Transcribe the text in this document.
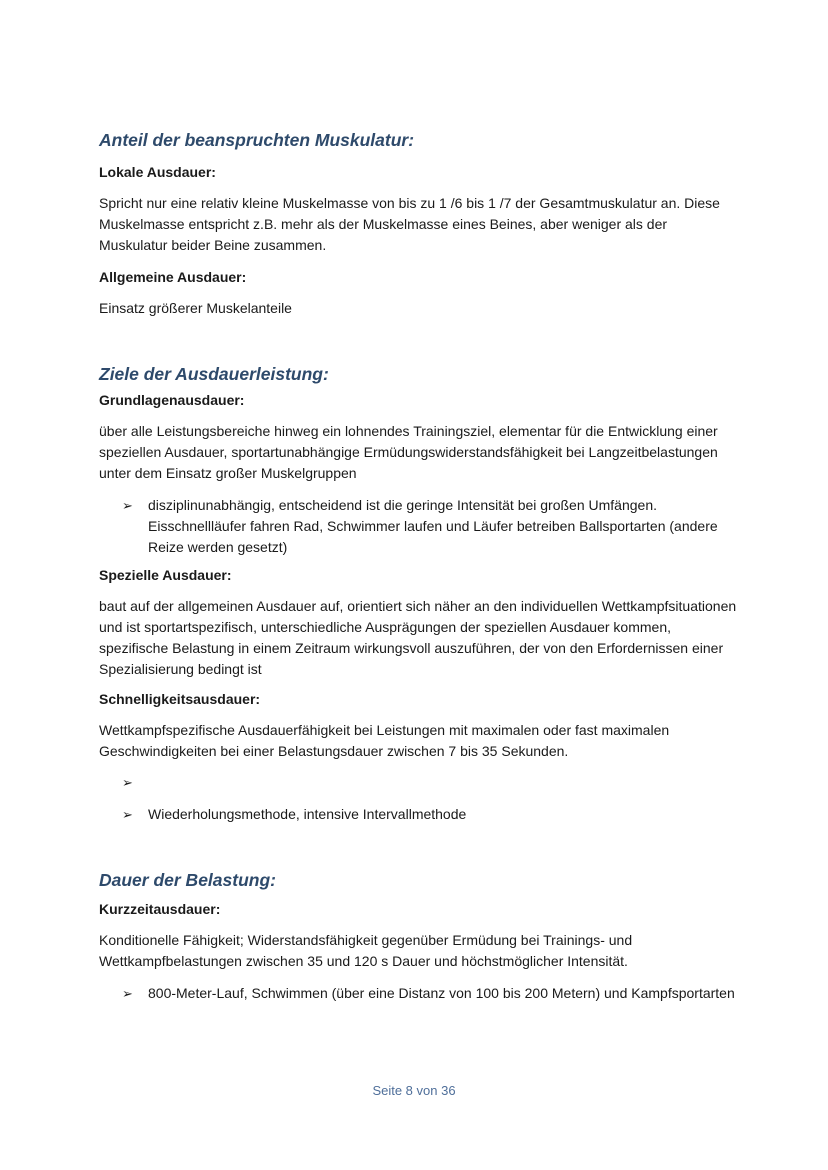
Anteil der beanspruchten Muskulatur:
Lokale Ausdauer:

Spricht nur eine relativ kleine Muskelmasse von bis zu 1 /6 bis 1 /7 der Gesamtmuskulatur an. Diese Muskelmasse entspricht z.B. mehr als der Muskelmasse eines Beines, aber weniger als der Muskulatur beider Beine zusammen.

Allgemeine Ausdauer:

Einsatz größerer Muskelanteile

Ziele der Ausdauerleistung:
Grundlagenausdauer:

über alle Leistungsbereiche hinweg ein lohnendes Trainingsziel, elementar für die Entwicklung einer speziellen Ausdauer, sportartunabhängige Ermüdungswiderstandsfähigkeit bei Langzeitbelastungen unter dem Einsatz großer Muskelgruppen

➢ disziplinunabhängig, entscheidend ist die geringe Intensität bei großen Umfängen. Eisschnellläufer fahren Rad, Schwimmer laufen und Läufer betreiben Ballsportarten (andere Reize werden gesetzt)
Spezielle Ausdauer:

baut auf der allgemeinen Ausdauer auf, orientiert sich näher an den individuellen Wettkampfsituationen und ist sportartspezifisch, unterschiedliche Ausprägungen der speziellen Ausdauer kommen, spezifische Belastung in einem Zeitraum wirkungsvoll auszuführen, der von den Erfordernissen einer Spezialisierung bedingt ist

Schnelligkeitsausdauer:

Wettkampfspezifische Ausdauerfähigkeit bei Leistungen mit maximalen oder fast maximalen Geschwindigkeiten bei einer Belastungsdauer zwischen 7 bis 35 Sekunden.

➢
➢ Wiederholungsmethode, intensive Intervallmethode
Dauer der Belastung:
Kurzzeitausdauer:

Konditionelle Fähigkeit; Widerstandsfähigkeit gegenüber Ermüdung bei Trainings- und Wettkampfbelastungen zwischen 35 und 120 s Dauer und höchstmöglicher Intensität.

➢ 800-Meter-Lauf, Schwimmen (über eine Distanz von 100 bis 200 Metern) und Kampfsportarten
Seite 8 von 36
